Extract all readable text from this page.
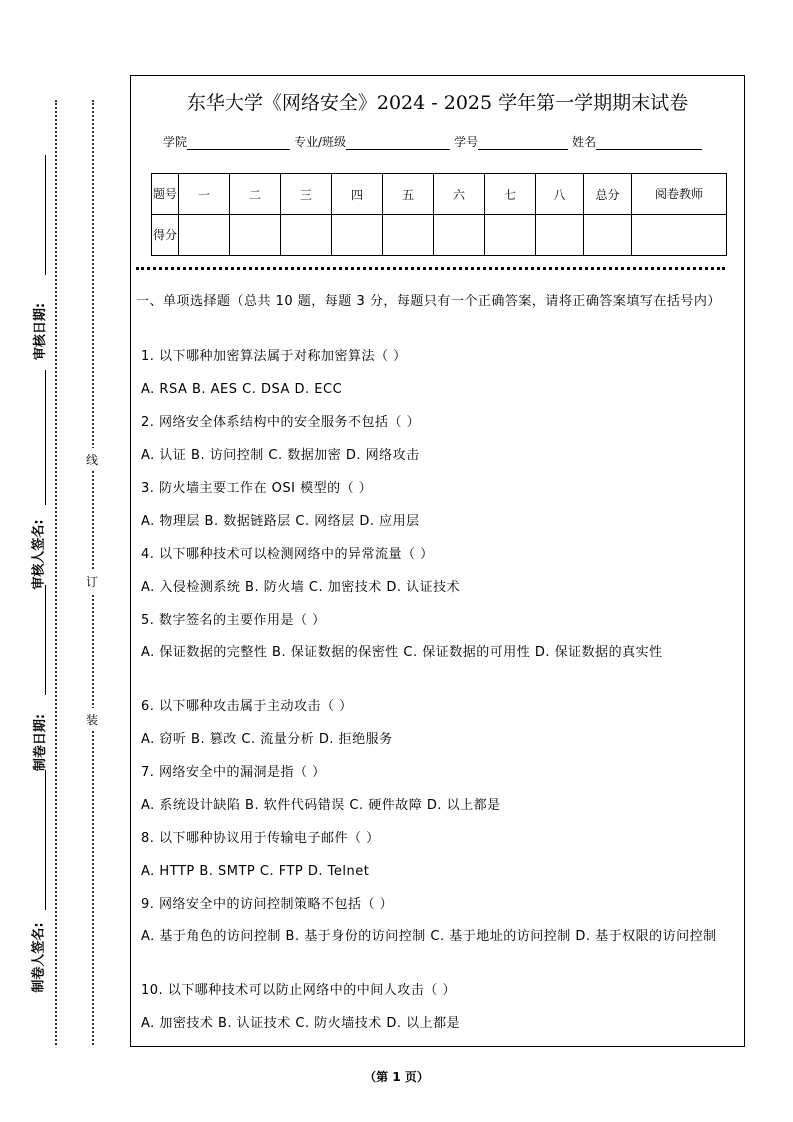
审核日期:
审核人签名:
制卷日期:
制卷人签名:
线
订
装
东华大学《网络安全》2024 - 2025 学年第一学期期末试卷
学院	专业/班级	学号	姓名
题号	一	二	三	四	五	六	七	八	总分	阅卷教师
得分										

一、单项选择题（总共 10 题，每题 3 分，每题只有一个正确答案，请将正确答案填写在括号内）

1. 以下哪种加密算法属于对称加密算法（ ）

A. RSA B. AES C. DSA D. ECC

2. 网络安全体系结构中的安全服务不包括（ ）

A. 认证 B. 访问控制 C. 数据加密 D. 网络攻击

3. 防火墙主要工作在 OSI 模型的（ ）

A. 物理层 B. 数据链路层 C. 网络层 D. 应用层

4. 以下哪种技术可以检测网络中的异常流量（ ）

A. 入侵检测系统 B. 防火墙 C. 加密技术 D. 认证技术

5. 数字签名的主要作用是（ ）

A. 保证数据的完整性 B. 保证数据的保密性 C. 保证数据的可用性 D. 保证数据的真实性

6. 以下哪种攻击属于主动攻击（ ）

A. 窃听 B. 篡改 C. 流量分析 D. 拒绝服务

7. 网络安全中的漏洞是指（ ）

A. 系统设计缺陷 B. 软件代码错误 C. 硬件故障 D. 以上都是

8. 以下哪种协议用于传输电子邮件（ ）

A. HTTP B. SMTP C. FTP D. Telnet

9. 网络安全中的访问控制策略不包括（ ）

A. 基于角色的访问控制 B. 基于身份的访问控制 C. 基于地址的访问控制 D. 基于权限的访问控制

10. 以下哪种技术可以防止网络中的中间人攻击（ ）

A. 加密技术 B. 认证技术 C. 防火墙技术 D. 以上都是

（第 1 页）
